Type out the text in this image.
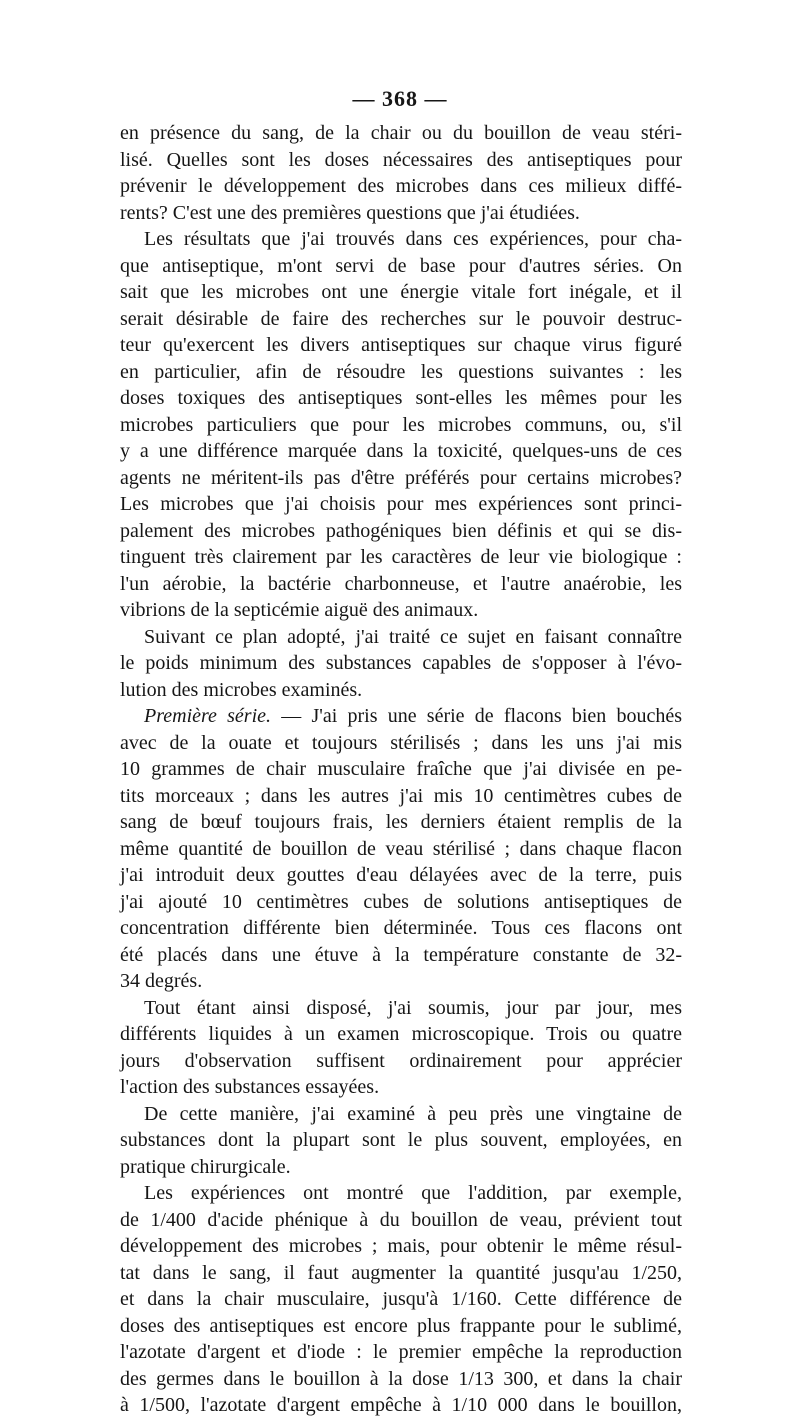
— 368 —
en présence du sang, de la chair ou du bouillon de veau stéri-
lisé. Quelles sont les doses nécessaires des antiseptiques pour
prévenir le développement des microbes dans ces milieux diffé-
rents? C'est une des premières questions que j'ai étudiées.
Les résultats que j'ai trouvés dans ces expériences, pour cha-
que antiseptique, m'ont servi de base pour d'autres séries. On
sait que les microbes ont une énergie vitale fort inégale, et il
serait désirable de faire des recherches sur le pouvoir destruc-
teur qu'exercent les divers antiseptiques sur chaque virus figuré
en particulier, afin de résoudre les questions suivantes : les
doses toxiques des antiseptiques sont-elles les mêmes pour les
microbes particuliers que pour les microbes communs, ou, s'il
y a une différence marquée dans la toxicité, quelques-uns de ces
agents ne méritent-ils pas d'être préférés pour certains microbes?
Les microbes que j'ai choisis pour mes expériences sont princi-
palement des microbes pathogéniques bien définis et qui se dis-
tinguent très clairement par les caractères de leur vie biologique :
l'un aérobie, la bactérie charbonneuse, et l'autre anaérobie, les
vibrions de la septicémie aiguë des animaux.
Suivant ce plan adopté, j'ai traité ce sujet en faisant connaître
le poids minimum des substances capables de s'opposer à l'évo-
lution des microbes examinés.
Première série. — J'ai pris une série de flacons bien bouchés
avec de la ouate et toujours stérilisés ; dans les uns j'ai mis
10 grammes de chair musculaire fraîche que j'ai divisée en pe-
tits morceaux ; dans les autres j'ai mis 10 centimètres cubes de
sang de bœuf toujours frais, les derniers étaient remplis de la
même quantité de bouillon de veau stérilisé ; dans chaque flacon
j'ai introduit deux gouttes d'eau délayées avec de la terre, puis
j'ai ajouté 10 centimètres cubes de solutions antiseptiques de
concentration différente bien déterminée. Tous ces flacons ont
été placés dans une étuve à la température constante de 32-
34 degrés.
Tout étant ainsi disposé, j'ai soumis, jour par jour, mes
différents liquides à un examen microscopique. Trois ou quatre
jours d'observation suffisent ordinairement pour apprécier
l'action des substances essayées.
De cette manière, j'ai examiné à peu près une vingtaine de
substances dont la plupart sont le plus souvent, employées, en
pratique chirurgicale.
Les expériences ont montré que l'addition, par exemple,
de 1/400 d'acide phénique à du bouillon de veau, prévient tout
développement des microbes ; mais, pour obtenir le même résul-
tat dans le sang, il faut augmenter la quantité jusqu'au 1/250,
et dans la chair musculaire, jusqu'à 1/160. Cette différence de
doses des antiseptiques est encore plus frappante pour le sublimé,
l'azotate d'argent et d'iode : le premier empêche la reproduction
des germes dans le bouillon à la dose 1/13 300, et dans la chair
à 1/500, l'azotate d'argent empêche à 1/10 000 dans le bouillon,
